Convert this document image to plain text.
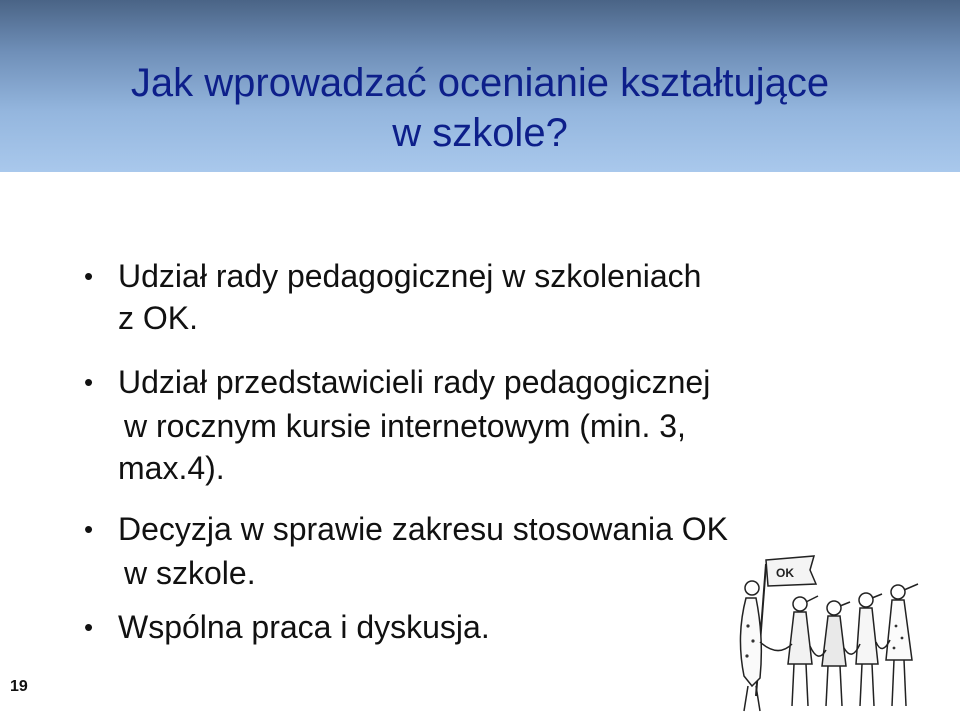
Jak wprowadzać ocenianie kształtujące
w szkole?
• Udział rady pedagogicznej w szkoleniach
z OK.
• Udział przedstawicieli rady pedagogicznej
w rocznym kursie internetowym (min. 3,
max.4).
• Decyzja w sprawie zakresu stosowania OK
w szkole.
• Wspólna praca i dyskusja.
19
OK
